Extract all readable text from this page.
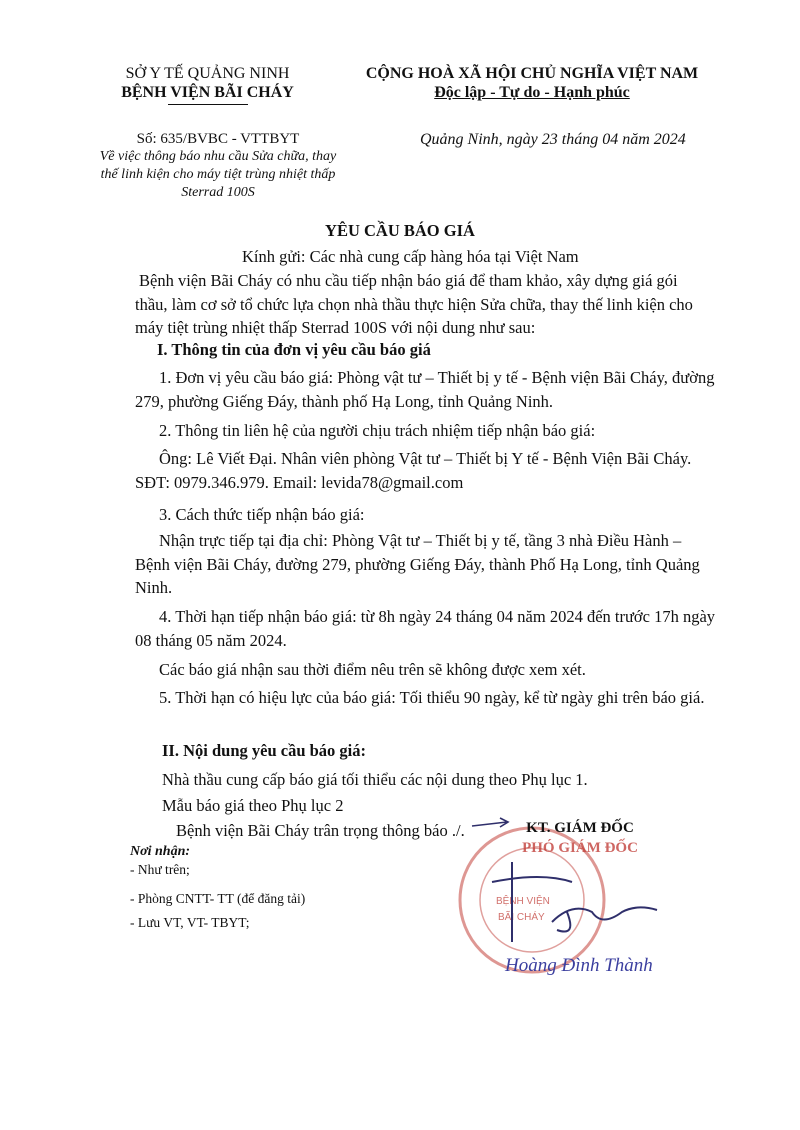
SỞ Y TẾ QUẢNG NINH
BỆNH VIỆN BÃI CHÁY
CỘNG HOÀ XÃ HỘI CHỦ NGHĨA VIỆT NAM
Độc lập - Tự do - Hạnh phúc
Số: 635/BVBC - VTTBYT
Về việc thông báo nhu cầu Sửa chữa, thay thế linh kiện cho máy tiệt trùng nhiệt thấp Sterrad 100S
Quảng Ninh, ngày 23 tháng 04 năm 2024
YÊU CẦU BÁO GIÁ
Kính gửi: Các nhà cung cấp hàng hóa tại Việt Nam
Bệnh viện Bãi Cháy có nhu cầu tiếp nhận báo giá để tham khảo, xây dựng giá gói thầu, làm cơ sở tổ chức lựa chọn nhà thầu thực hiện Sửa chữa, thay thế linh kiện cho máy tiệt trùng nhiệt thấp Sterrad 100S với nội dung như sau:
I. Thông tin của đơn vị yêu cầu báo giá
1. Đơn vị yêu cầu báo giá: Phòng vật tư – Thiết bị y tế - Bệnh viện Bãi Cháy, đường 279, phường Giếng Đáy, thành phố Hạ Long, tỉnh Quảng Ninh.
2. Thông tin liên hệ của người chịu trách nhiệm tiếp nhận báo giá:
Ông: Lê Viết Đại. Nhân viên phòng Vật tư – Thiết bị Y tế - Bệnh Viện Bãi Cháy. SĐT: 0979.346.979. Email: levida78@gmail.com
3. Cách thức tiếp nhận báo giá:
Nhận trực tiếp tại địa chỉ: Phòng Vật tư – Thiết bị y tế, tầng 3 nhà Điều Hành – Bệnh viện Bãi Cháy, đường 279, phường Giếng Đáy, thành Phố Hạ Long, tỉnh Quảng Ninh.
4. Thời hạn tiếp nhận báo giá: từ 8h ngày 24 tháng 04 năm 2024 đến trước 17h ngày 08 tháng 05 năm 2024.
Các báo giá nhận sau thời điểm nêu trên sẽ không được xem xét.
5. Thời hạn có hiệu lực của báo giá: Tối thiểu 90 ngày, kể từ ngày ghi trên báo giá.
II. Nội dung yêu cầu báo giá:
Nhà thầu cung cấp báo giá tối thiểu các nội dung theo Phụ lục 1.
Mẫu báo giá theo Phụ lục 2
Bệnh viện Bãi Cháy trân trọng thông báo ./.
Nơi nhận:
- Như trên;
- Phòng CNTT- TT (để đăng tải)
- Lưu VT, VT- TBYT;
BỆNH VIỆN
BÃI CHÁY
KT. GIÁM ĐỐC
PHÓ GIÁM ĐỐC
Hoàng Đình Thành
